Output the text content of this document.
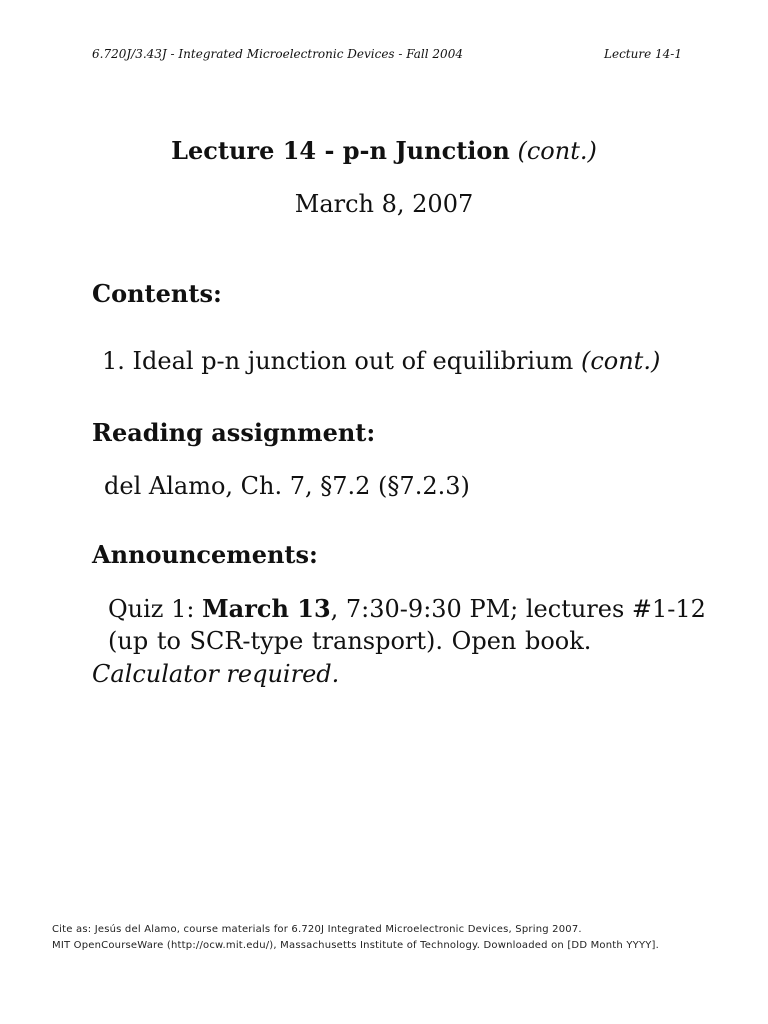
6.720J/3.43J - Integrated Microelectronic Devices - Fall 2004	Lecture 14-1
Lecture 14 - p-n Junction (cont.)
March 8, 2007
Contents:
1. Ideal p-n junction out of equilibrium (cont.)
Reading assignment:
del Alamo, Ch. 7, §7.2 (§7.2.3)
Announcements:
Quiz 1: March 13, 7:30-9:30 PM; lectures #1-12
(up to SCR-type transport). Open book.
Calculator required.
Cite as: Jesús del Alamo, course materials for 6.720J Integrated Microelectronic Devices, Spring 2007.
MIT OpenCourseWare (http://ocw.mit.edu/), Massachusetts Institute of Technology. Downloaded on [DD Month YYYY].
